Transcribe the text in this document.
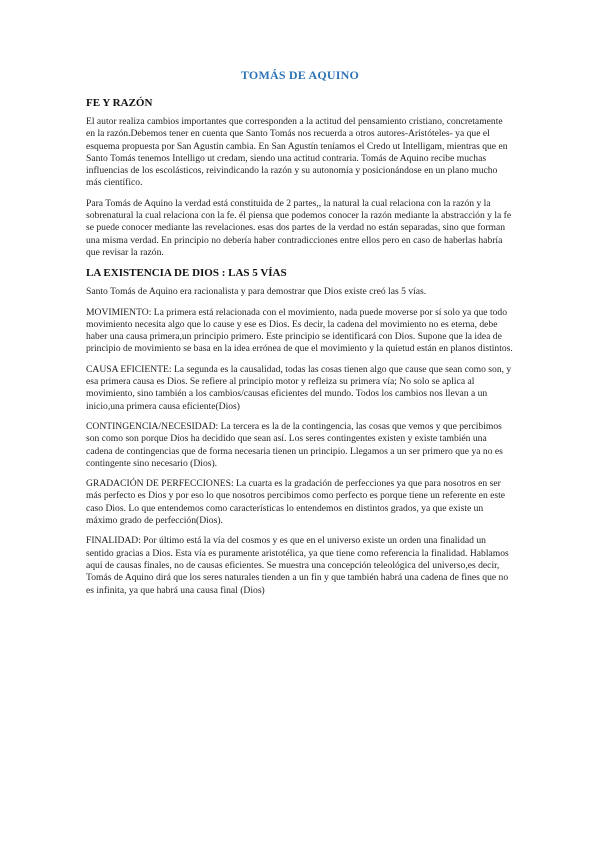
TOMÁS DE AQUINO
FE Y RAZÓN

El autor realiza cambios importantes que corresponden a la actitud del pensamiento cristiano, concretamente en la razón.Debemos tener en cuenta que Santo Tomás nos recuerda a otros autores-Aristóteles- ya que el esquema propuesta por San Agustín cambia. En San Agustín teníamos el Credo ut Intelligam, mientras que en Santo Tomás tenemos Intelligo ut credam, siendo una actitud contraria. Tomás de Aquino recibe muchas influencias de los escolásticos, reivindicando la razón y su autonomía y posicionándose en un plano mucho más científico.

Para Tomás de Aquino la verdad está constituida de 2 partes,, la natural la cual relaciona con la razón y la sobrenatural la cual relaciona con la fe. él piensa que podemos conocer la razón mediante la abstracción y la fe se puede conocer mediante las revelaciones. esas dos partes de la verdad no están separadas, sino que forman una misma verdad. En principio no debería haber contradicciones entre ellos pero en caso de haberlas habría que revisar la razón.

LA EXISTENCIA DE DIOS : LAS 5 VÍAS

Santo Tomás de Aquino era racionalista y para demostrar que Dios existe creó las 5 vías.

MOVIMIENTO: La primera está relacionada con el movimiento, nada puede moverse por sí solo ya que todo movimiento necesita algo que lo cause y ese es Dios. Es decir, la cadena del movimiento no es eterna, debe haber una causa primera,un principio primero. Este principio se identificará con Dios. Supone que la idea de principio de movimiento se basa en la idea errónea de que el movimiento y la quietud están en planos distintos.

CAUSA EFICIENTE: La segunda es la causalidad, todas las cosas tienen algo que cause que sean como son, y esa primera causa es Dios. Se refiere al principio motor y refleiza su primera vía; No solo se aplica al movimiento, sino también a los cambios/causas eficientes del mundo. Todos los cambios nos llevan a un inicio,una primera causa eficiente(Dios)

CONTINGENCIA/NECESIDAD: La tercera es la de la contingencia, las cosas que vemos y que percibimos son como son porque Dios ha decidido que sean así. Los seres contingentes existen y existe también una cadena de contingencias que de forma necesaria tienen un principio. Llegamos a un ser primero que ya no es contingente sino necesario (Dios).

GRADACIÓN DE PERFECCIONES: La cuarta es la gradación de perfecciones ya que para nosotros en ser más perfecto es Dios y por eso lo que nosotros percibimos como perfecto es porque tiene un referente en este caso Dios. Lo que entendemos como características lo entendemos en distintos grados, ya que existe un máximo grado de perfección(Dios).

FINALIDAD: Por último está la vía del cosmos y es que en el universo existe un orden una finalidad un sentido gracias a Dios. Esta vía es puramente aristotélica, ya que tiene como referencia la finalidad. Hablamos aquí de causas finales, no de causas eficientes. Se muestra una concepción teleológica del universo,es decir, Tomás de Aquino dirá que los seres naturales tienden a un fin y que también habrá una cadena de fines que no es infinita, ya que habrá una causa final (Dios)
